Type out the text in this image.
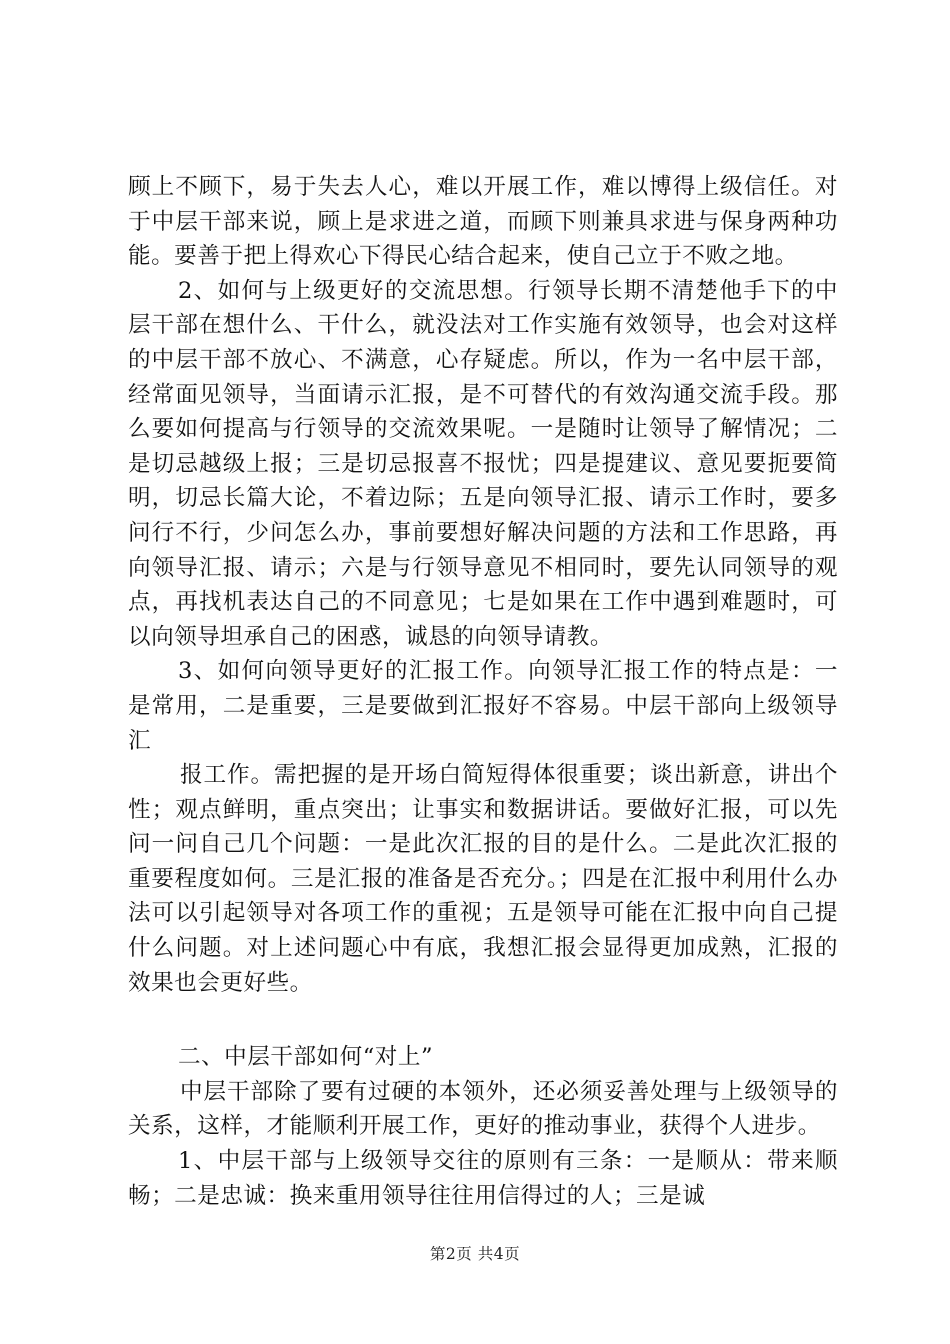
顾上不顾下，易于失去人心，难以开展工作，难以博得上级信任。对于中层干部来说，顾上是求进之道，而顾下则兼具求进与保身两种功能。要善于把上得欢心下得民心结合起来，使自己立于不败之地。

2、如何与上级更好的交流思想。行领导长期不清楚他手下的中层干部在想什么、干什么，就没法对工作实施有效领导，也会对这样的中层干部不放心、不满意，心存疑虑。所以，作为一名中层干部，经常面见领导，当面请示汇报，是不可替代的有效沟通交流手段。那么要如何提高与行领导的交流效果呢。一是随时让领导了解情况；二是切忌越级上报；三是切忌报喜不报忧；四是提建议、意见要扼要简明，切忌长篇大论，不着边际；五是向领导汇报、请示工作时，要多问行不行，少问怎么办，事前要想好解决问题的方法和工作思路，再向领导汇报、请示；六是与行领导意见不相同时，要先认同领导的观点，再找机表达自己的不同意见；七是如果在工作中遇到难题时，可以向领导坦承自己的困惑，诚恳的向领导请教。

3、如何向领导更好的汇报工作。向领导汇报工作的特点是：一是常用，二是重要，三是要做到汇报好不容易。中层干部向上级领导汇

报工作。需把握的是开场白简短得体很重要；谈出新意，讲出个性；观点鲜明，重点突出；让事实和数据讲话。要做好汇报，可以先问一问自己几个问题：一是此次汇报的目的是什么。二是此次汇报的重要程度如何。三是汇报的准备是否充分。；四是在汇报中利用什么办法可以引起领导对各项工作的重视；五是领导可能在汇报中向自己提什么问题。对上述问题心中有底，我想汇报会显得更加成熟，汇报的效果也会更好些。

二、中层干部如何“对上”

中层干部除了要有过硬的本领外，还必须妥善处理与上级领导的关系，这样，才能顺利开展工作，更好的推动事业，获得个人进步。

1、中层干部与上级领导交往的原则有三条：一是顺从：带来顺畅；二是忠诚：换来重用领导往往用信得过的人；三是诚

第2页 共4页
